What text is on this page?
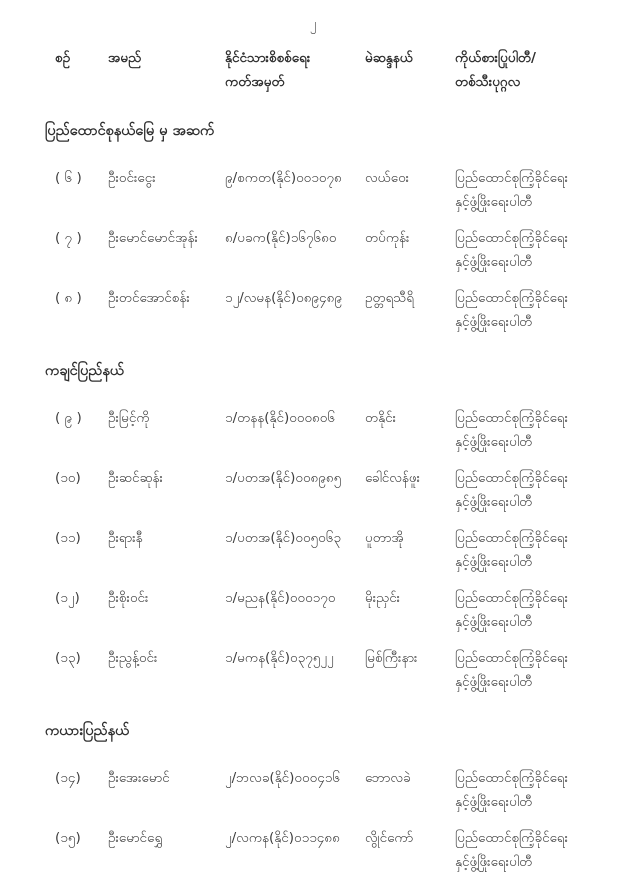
၂
စဉ်	အမည်	နိုင်ငံသားစိစစ်ရေး
ကတ်အမှတ်
မဲဆန္ဒနယ်	ကိုယ်စားပြုပါတီ/
တစ်သီးပုဂ္ဂလ
ပြည်ထောင်စုနယ်မြေ မှ အဆက်
( ၆ )	ဦးဝင်းငွေး	၉/စကတ(နိုင်)၀၀၁၀၇၈	လယ်ဝေး	ပြည်ထောင်စုကြံ့ခိုင်ရေး
နှင့်ဖွံ့ဖြိုးရေးပါတီ
( ၇ )	ဦးမောင်မောင်အုန်း	၈/ပခက(နိုင်)၁၆၇၆၈၀	တပ်ကုန်း	ပြည်ထောင်စုကြံ့ခိုင်ရေး
နှင့်ဖွံ့ဖြိုးရေးပါတီ
( ၈ )	ဦးတင်အောင်စန်း	၁၂/လမန(နိုင်)၀၈၉၄၈၉	ဥတ္တရသီရိ	ပြည်ထောင်စုကြံ့ခိုင်ရေး
နှင့်ဖွံ့ဖြိုးရေးပါတီ
ကချင်ပြည်နယ်
( ၉ )	ဦးမြင့်ကို	၁/တနန(နိုင်)၀၀၀၈၀၆	တနိုင်း	ပြည်ထောင်စုကြံ့ခိုင်ရေး
နှင့်ဖွံ့ဖြိုးရေးပါတီ
(၁၀)	ဦးဆင်ဆုန်း	၁/ပတအ(နိုင်)၀၀၈၉၈၅	ခေါင်လန်ဖူး	ပြည်ထောင်စုကြံ့ခိုင်ရေး
နှင့်ဖွံ့ဖြိုးရေးပါတီ
(၁၁)	ဦးရားနီ	၁/ပတအ(နိုင်)၀၀၅၀၆၃	ပူတာအို	ပြည်ထောင်စုကြံ့ခိုင်ရေး
နှင့်ဖွံ့ဖြိုးရေးပါတီ
(၁၂)	ဦးစိုးဝင်း	၁/မညန(နိုင်)၀၀၀၁၇၀	မိုးညှင်း	ပြည်ထောင်စုကြံ့ခိုင်ရေး
နှင့်ဖွံ့ဖြိုးရေးပါတီ
(၁၃)	ဦးညွန့်ဝင်း	၁/မကန(နိုင်)၀၃၇၅၂၂	မြစ်ကြီးနား	ပြည်ထောင်စုကြံ့ခိုင်ရေး
နှင့်ဖွံ့ဖြိုးရေးပါတီ
ကယားပြည်နယ်
(၁၄)	ဦးအေးမောင်	၂/ဘလခ(နိုင်)၀၀၀၄၁၆	ဘောလခဲ	ပြည်ထောင်စုကြံ့ခိုင်ရေး
နှင့်ဖွံ့ဖြိုးရေးပါတီ
(၁၅)	ဦးမောင်ရွှေ	၂/လကန(နိုင်)၀၁၁၄၈၈	လွိုင်ကော်	ပြည်ထောင်စုကြံ့ခိုင်ရေး
နှင့်ဖွံ့ဖြိုးရေးပါတီ
